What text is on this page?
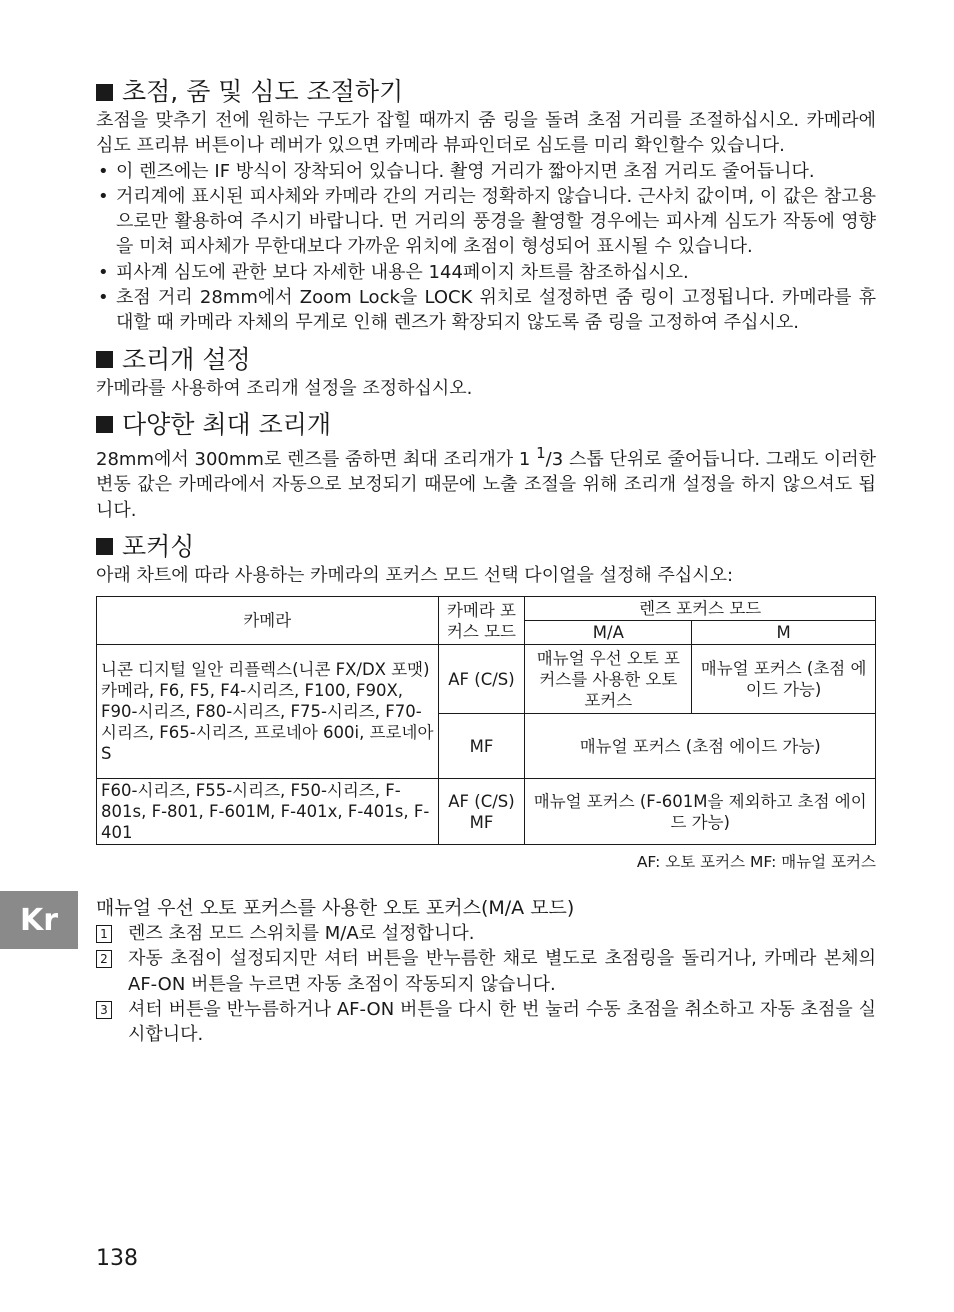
초점, 줌 및 심도 조절하기

초점을 맞추기 전에 원하는 구도가 잡힐 때까지 줌 링을 돌려 초점 거리를 조절하십시오. 카메라에 심도 프리뷰 버튼이나 레버가 있으면 카메라 뷰파인더로 심도를 미리 확인할수 있습니다.

• 이 렌즈에는 IF 방식이 장착되어 있습니다. 촬영 거리가 짧아지면 초점 거리도 줄어듭니다.
• 거리계에 표시된 피사체와 카메라 간의 거리는 정확하지 않습니다. 근사치 값이며, 이 값은 참고용으로만 활용하여 주시기 바랍니다. 먼 거리의 풍경을 촬영할 경우에는 피사계 심도가 작동에 영향을 미쳐 피사체가 무한대보다 가까운 위치에 초점이 형성되어 표시될 수 있습니다.
• 피사계 심도에 관한 보다 자세한 내용은 144페이지 차트를 참조하십시오.
• 초점 거리 28mm에서 Zoom Lock을 LOCK 위치로 설정하면 줌 링이 고정됩니다. 카메라를 휴대할 때 카메라 자체의 무게로 인해 렌즈가 확장되지 않도록 줌 링을 고정하여 주십시오.
조리개 설정

카메라를 사용하여 조리개 설정을 조정하십시오.

다양한 최대 조리개

28mm에서 300mm로 렌즈를 줌하면 최대 조리개가 1 $^1$/3 스톱 단위로 줄어듭니다. 그래도 이러한 변동 값은 카메라에서 자동으로 보정되기 때문에 노출 조절을 위해 조리개 설정을 하지 않으셔도 됩니다.

포커싱

아래 차트에 따라 사용하는 카메라의 포커스 모드 선택 다이얼을 설정해 주십시오:

카메라	카메라 포 커스 모드	렌즈 포커스 모드	
		M/A	M
니콘 디지털 일안 리플렉스(니콘 FX/DX 포맷) 카메라, F6, F5, F4-시리즈, F100, F90X, F90-시리즈, F80-시리즈, F75-시리즈, F70-시리즈, F65-시리즈, 프로네아 600i, 프로네아 S	AF (C/S)	매뉴얼 우선 오토 포커스를 사용한 오토 포커스	매뉴얼 포커스 (초점 에이드 가능)
	MF	매뉴얼 포커스 (초점 에이드 가능)	
F60-시리즈, F55-시리즈, F50-시리즈, F-801s, F-801, F-601M, F-401x, F-401s, F-401	AF (C/S) MF	매뉴얼 포커스 (F-601M을 제외하고 초점 에이드 가능)	
AF: 오토 포커스 MF: 매뉴얼 포커스
매뉴얼 우선 오토 포커스를 사용한 오토 포커스(M/A 모드)
1 렌즈 초점 모드 스위치를 M/A로 설정합니다.
2 자동 초점이 설정되지만 셔터 버튼을 반누름한 채로 별도로 초점링을 돌리거나, 카메라 본체의 AF-ON 버튼을 누르면 자동 초점이 작동되지 않습니다.
3 셔터 버튼을 반누름하거나 AF-ON 버튼을 다시 한 번 눌러 수동 초점을 취소하고 자동 초점을 실시합니다.
Kr
138
